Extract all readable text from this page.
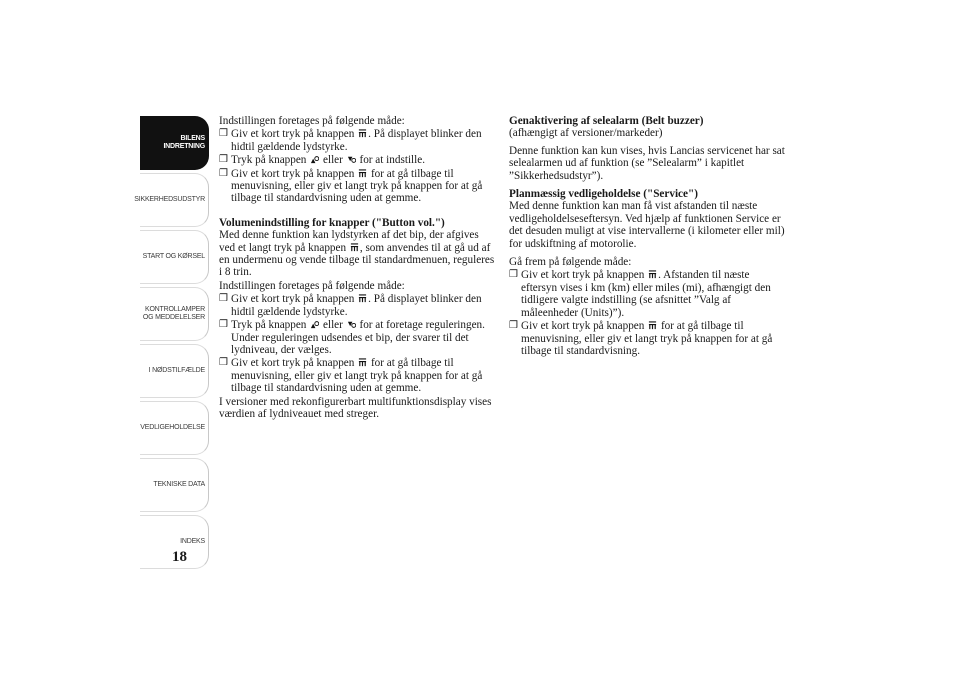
BILENS
INDRETNING
SIKKERHEDSUDSTYR
START OG KØRSEL
KONTROLLAMPER
OG MEDDELELSER
I NØDSTILFÆLDE
VEDLIGEHOLDELSE
TEKNISKE DATA
INDEKS
18

Indstillingen foretages på følgende måde:

❒ Giv et kort tryk på knappen . På displayet blinker den hidtil gældende lydstyrke.
❒ Tryk på knappen eller for at indstille.
❒ Giv et kort tryk på knappen for at gå tilbage til menuvisning, eller giv et langt tryk på knappen for at gå tilbage til standardvisning uden at gemme.

Volumenindstilling for knapper ("Button vol.")

Med denne funktion kan lydstyrken af det bip, der afgives ved et langt tryk på knappen , som anvendes til at gå ud af en undermenu og vende tilbage til standardmenuen, reguleres i 8 trin.

Indstillingen foretages på følgende måde:

❒ Giv et kort tryk på knappen . På displayet blinker den hidtil gældende lydstyrke.
❒ Tryk på knappen eller for at foretage reguleringen. Under reguleringen udsendes et bip, der svarer til det lydniveau, der vælges.
❒ Giv et kort tryk på knappen for at gå tilbage til menuvisning, eller giv et langt tryk på knappen for at gå tilbage til standardvisning uden at gemme.

I versioner med rekonfigurerbart multifunktionsdisplay vises værdien af lydniveauet med streger.

Genaktivering af selealarm (Belt buzzer)

(afhængigt af versioner/markeder)

Denne funktion kan kun vises, hvis Lancias servicenet har sat selealarmen ud af funktion (se ”Selealarm” i kapitlet ”Sikkerhedsudstyr”).

Planmæssig vedligeholdelse ("Service")

Med denne funktion kan man få vist afstanden til næste vedligeholdelseseftersyn. Ved hjælp af funktionen Service er det desuden muligt at vise intervallerne (i kilometer eller mil) for udskiftning af motorolie.

Gå frem på følgende måde:

❒ Giv et kort tryk på knappen . Afstanden til næste eftersyn vises i km (km) eller miles (mi), afhængigt den tidligere valgte indstilling (se afsnittet ”Valg af måleenheder (Units)”).
❒ Giv et kort tryk på knappen for at gå tilbage til menuvisning, eller giv et langt tryk på knappen for at gå tilbage til standardvisning.
